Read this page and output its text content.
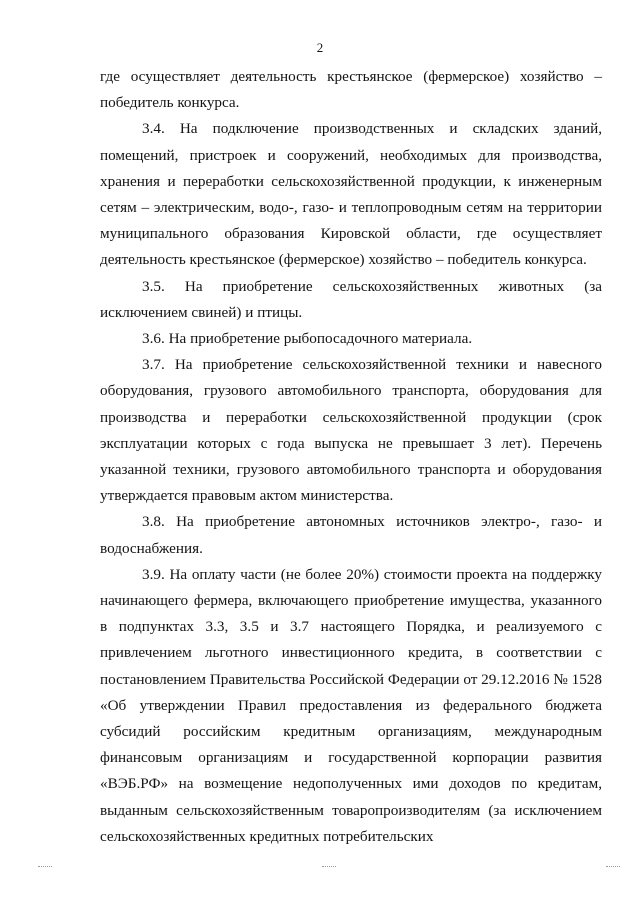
2

где осуществляет деятельность крестьянское (фермерское) хозяйство – победитель конкурса.

3.4. На подключение производственных и складских зданий, помещений, пристроек и сооружений, необходимых для производства, хранения и переработки сельскохозяйственной продукции, к инженерным сетям – электрическим, водо-, газо- и теплопроводным сетям на территории муниципального образования Кировской области, где осуществляет деятельность крестьянское (фермерское) хозяйство – победитель конкурса.

3.5. На приобретение сельскохозяйственных животных (за исключением свиней) и птицы.

3.6. На приобретение рыбопосадочного материала.

3.7. На приобретение сельскохозяйственной техники и навесного оборудования, грузового автомобильного транспорта, оборудования для производства и переработки сельскохозяйственной продукции (срок эксплуатации которых с года выпуска не превышает 3 лет). Перечень указанной техники, грузового автомобильного транспорта и оборудования утверждается правовым актом министерства.

3.8. На приобретение автономных источников электро-, газо- и водоснабжения.

3.9. На оплату части (не более 20%) стоимости проекта на поддержку начинающего фермера, включающего приобретение имущества, указанного в подпунктах 3.3, 3.5 и 3.7 настоящего Порядка, и реализуемого с привлечением льготного инвестиционного кредита, в соответствии с постановлением Правительства Российской Федерации от 29.12.2016 № 1528 «Об утверждении Правил предоставления из федерального бюджета субсидий российским кредитным организациям, международным финансовым организациям и государственной корпорации развития «ВЭБ.РФ» на возмещение недополученных ими доходов по кредитам, выданным сельскохозяйственным товаропроизводителям (за исключением сельскохозяйственных кредитных потребительских
